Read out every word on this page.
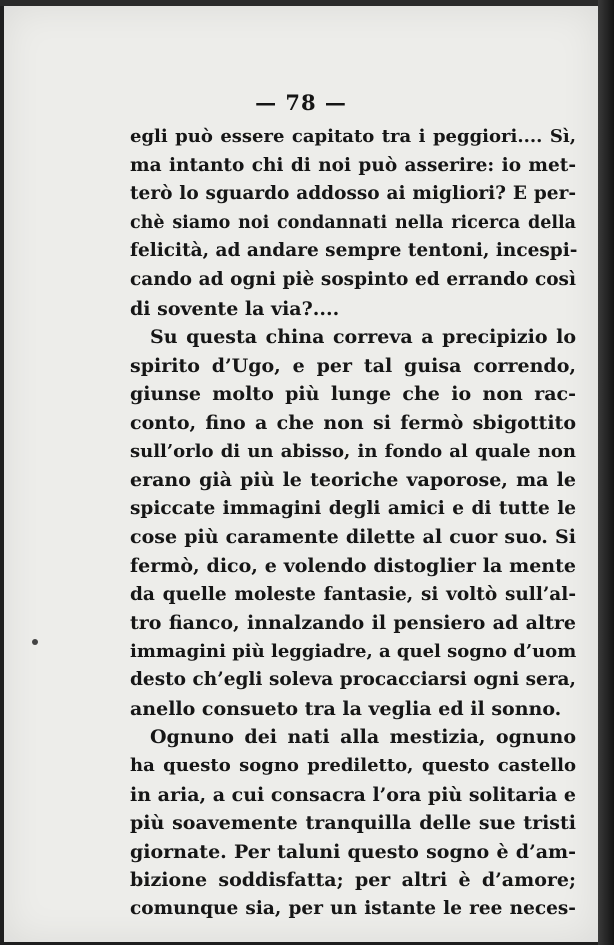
— 78 —
egli può essere capitato tra i peggiori.... Sì,
ma intanto chi di noi può asserire: io met-
terò lo sguardo addosso ai migliori? E per-
chè siamo noi condannati nella ricerca della
felicità, ad andare sempre tentoni, incespi-
cando ad ogni piè sospinto ed errando così
di sovente la via?....
Su questa china correva a precipizio lo
spirito d’Ugo, e per tal guisa correndo,
giunse molto più lunge che io non rac-
conto, fino a che non si fermò sbigottito
sull’orlo di un abisso, in fondo al quale non
erano già più le teoriche vaporose, ma le
spiccate immagini degli amici e di tutte le
cose più caramente dilette al cuor suo. Si
fermò, dico, e volendo distoglier la mente
da quelle moleste fantasie, si voltò sull’al-
tro fianco, innalzando il pensiero ad altre
immagini più leggiadre, a quel sogno d’uom
desto ch’egli soleva procacciarsi ogni sera,
anello consueto tra la veglia ed il sonno.
Ognuno dei nati alla mestizia, ognuno
ha questo sogno prediletto, questo castello
in aria, a cui consacra l’ora più solitaria e
più soavemente tranquilla delle sue tristi
giornate. Per taluni questo sogno è d’am-
bizione soddisfatta; per altri è d’amore;
comunque sia, per un istante le ree neces-
